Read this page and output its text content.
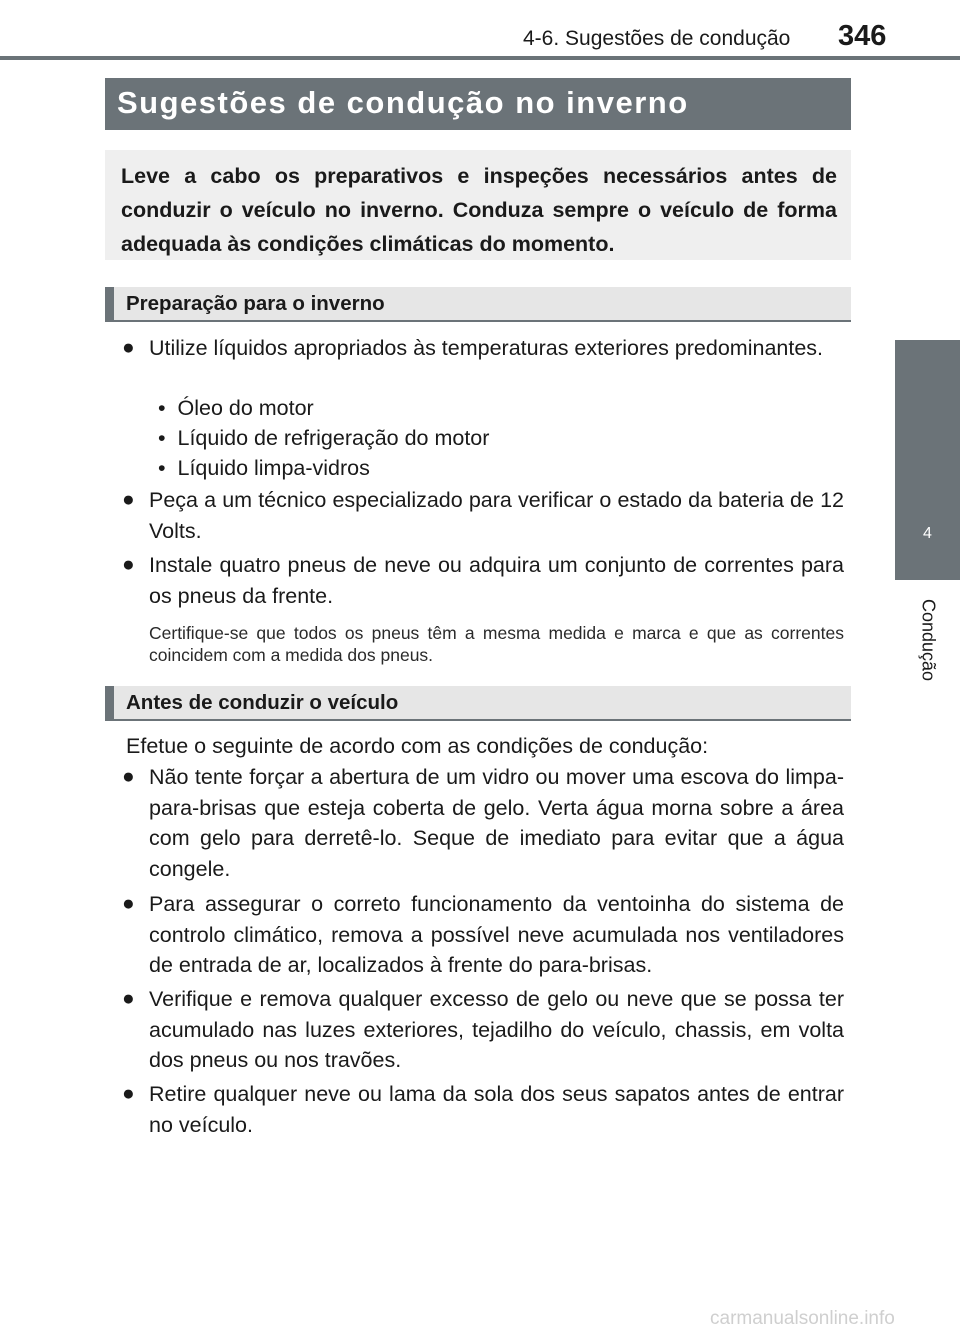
4-6. Sugestões de condução 346
4
Condução
Sugestões de condução no inverno
Leve a cabo os preparativos e inspeções necessários antes de conduzir o veículo no inverno. Conduza sempre o veículo de forma adequada às condições climáticas do momento.
Preparação para o inverno
● Utilize líquidos apropriados às temperaturas exteriores predominantes.
• Óleo do motor
• Líquido de refrigeração do motor
• Líquido limpa-vidros
● Peça a um técnico especializado para verificar o estado da bateria de 12 Volts.
● Instale quatro pneus de neve ou adquira um conjunto de correntes para os pneus da frente.
Certifique-se que todos os pneus têm a mesma medida e marca e que as correntes coincidem com a medida dos pneus.
Antes de conduzir o veículo
Efetue o seguinte de acordo com as condições de condução:
● Não tente forçar a abertura de um vidro ou mover uma escova do limpa-para-brisas que esteja coberta de gelo. Verta água morna sobre a área com gelo para derretê-lo. Seque de imediato para evitar que a água congele.
● Para assegurar o correto funcionamento da ventoinha do sistema de controlo climático, remova a possível neve acumulada nos ventiladores de entrada de ar, localizados à frente do para-brisas.
● Verifique e remova qualquer excesso de gelo ou neve que se possa ter acumulado nas luzes exteriores, tejadilho do veículo, chassis, em volta dos pneus ou nos travões.
● Retire qualquer neve ou lama da sola dos seus sapatos antes de entrar no veículo.
carmanualsonline.info
